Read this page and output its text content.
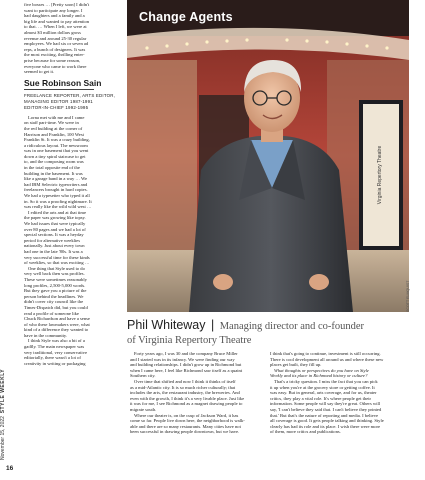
five bosses … [Pretty soon] I didn't
want to participate any longer. I
had daughters and a family and a
big life and wanted to pay attention
to that. … When I left, we were at
almost $3 million dollars gross
revenue and around 25-30 regular
employees. We had six or seven ad
reps, a bunch of designers. It was
the most exciting, thrilling enter-
prise because for some reason,
everyone who came to work there
seemed to get it.
Sue Robinson Sain
FREELANCE REPORTER, ARTS EDITOR,
MANAGING EDITOR 1987-1991
EDITOR-IN-CHIEF 1992-1995
Lorna met with me and I came
on staff part-time. We were in
the red building at the corner of
Harrison and Franklin, 100 West
Franklin St. It was a crazy building,
a ridiculous layout. The newsroom
was in one basement that you went
down a tiny spiral staircase to get
to, and the composing room was
in the total opposite end of the
building in the basement. It was
like a garage band in a way … We
had IBM Selectric typewriters and
freelancers brought in hard copies.
We had a typesetter who typed it all
in. So it was a proofing nightmare. It
was really like the wild wild west …
I edited the arts and at that time
the paper was growing like topsy.
We had issues that were typically
over 80 pages and we had a lot of
special sections. It was a heyday
period for alternative weeklies
nationally. Just about every town
had one in the late '80s. It was a
very successful time for these kinds
of weeklies, so that was exciting …
One thing that Style used to do
very well back then was profiles.
These were sometimes reasonably
long profiles, 2,500-5,000 words.
But they gave you a picture of the
person behind the headlines. We
didn't cover city council like the
Times-Dispatch did, but you could
read a profile of someone like
Chuck Richardson and have a sense
of who these lawmakers were, what
kind of a difference they wanted to
have in the community.
I think Style was also a bit of a
gadfly. The main newspaper was
very traditional, very conservative
editorially, there wasn't a lot of
creativity in writing or packaging
November 15, 2022  STYLE WEEKLY
16
Virginia Repertory Theatre
Change Agents
SCOTT ELMQUIST
Phil Whiteway | Managing director and co-founder
of Virginia Repertory Theatre
Forty years ago, I was 30 and the company Bruce Miller
and I started was in its infancy. We were finding our way
and building relationships. I didn't grow up in Richmond but
when I came here, I feel like Richmond saw itself as a quaint
Southern city.
Over time that shifted and now I think it thinks of itself
as a mid-Atlantic city. It is so much richer culturally; that
includes the arts, the restaurant industry, the breweries. And
even with the growth, I think it's a very livable place. Just like
it was for me, I see Richmond as a magnet drawing people to
migrate south.
Where our theater is, on the cusp of Jackson Ward, it has
come so far. People live down here, the neighborhood is walk-
able and there are so many restaurants. Many cities have not
been successful in drawing people downtown, but we have.
I think that's going to continue, investment is still occurring.
There is cool development all around us and where these new
places get built, they fill up.
What thoughts or perspectives do you have on Style
Weekly and its place in Richmond history or culture?
That's a tricky question. I miss the fact that you can pick
it up when you're at the grocery store or getting coffee. It
was easy. But in general, arts coverage, and for us, theater
critics, they play a vital role. It's where people get their
information. Some people will say they're great. Others will
say, 'I can't believe they said that. I can't believe they printed
that.' But that's the nature of reporting and media. I believe
all coverage is good. It gets people talking and thinking. Style
clearly has had its role and its place. I wish there were more
of them, more critics and publications.
